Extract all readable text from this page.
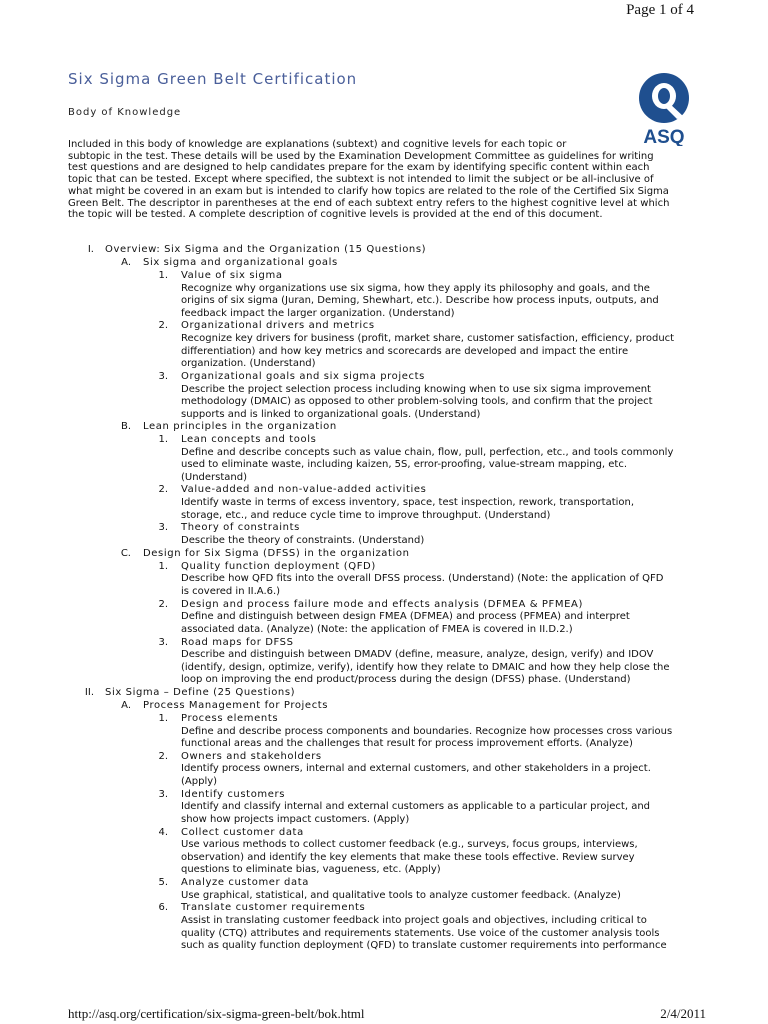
Page 1 of 4
Six Sigma Green Belt Certification
Body of Knowledge
ASQ
Included in this body of knowledge are explanations (subtext) and cognitive levels for each topic or
subtopic in the test. These details will be used by the Examination Development Committee as guidelines for writing
test questions and are designed to help candidates prepare for the exam by identifying specific content within each
topic that can be tested. Except where specified, the subtext is not intended to limit the subject or be all-inclusive of
what might be covered in an exam but is intended to clarify how topics are related to the role of the Certified Six Sigma
Green Belt. The descriptor in parentheses at the end of each subtext entry refers to the highest cognitive level at which
the topic will be tested. A complete description of cognitive levels is provided at the end of this document.
I. Overview: Six Sigma and the Organization (15 Questions)
A. Six sigma and organizational goals
1. Value of six sigma
Recognize why organizations use six sigma, how they apply its philosophy and goals, and the
origins of six sigma (Juran, Deming, Shewhart, etc.). Describe how process inputs, outputs, and
feedback impact the larger organization. (Understand)
2. Organizational drivers and metrics
Recognize key drivers for business (profit, market share, customer satisfaction, efficiency, product
differentiation) and how key metrics and scorecards are developed and impact the entire
organization. (Understand)
3. Organizational goals and six sigma projects
Describe the project selection process including knowing when to use six sigma improvement
methodology (DMAIC) as opposed to other problem-solving tools, and confirm that the project
supports and is linked to organizational goals. (Understand)
B. Lean principles in the organization
1. Lean concepts and tools
Define and describe concepts such as value chain, flow, pull, perfection, etc., and tools commonly
used to eliminate waste, including kaizen, 5S, error-proofing, value-stream mapping, etc.
(Understand)
2. Value-added and non-value-added activities
Identify waste in terms of excess inventory, space, test inspection, rework, transportation,
storage, etc., and reduce cycle time to improve throughput. (Understand)
3. Theory of constraints
Describe the theory of constraints. (Understand)
C. Design for Six Sigma (DFSS) in the organization
1. Quality function deployment (QFD)
Describe how QFD fits into the overall DFSS process. (Understand) (Note: the application of QFD
is covered in II.A.6.)
2. Design and process failure mode and effects analysis (DFMEA & PFMEA)
Define and distinguish between design FMEA (DFMEA) and process (PFMEA) and interpret
associated data. (Analyze) (Note: the application of FMEA is covered in II.D.2.)
3. Road maps for DFSS
Describe and distinguish between DMADV (define, measure, analyze, design, verify) and IDOV
(identify, design, optimize, verify), identify how they relate to DMAIC and how they help close the
loop on improving the end product/process during the design (DFSS) phase. (Understand)
II. Six Sigma – Define (25 Questions)
A. Process Management for Projects
1. Process elements
Define and describe process components and boundaries. Recognize how processes cross various
functional areas and the challenges that result for process improvement efforts. (Analyze)
2. Owners and stakeholders
Identify process owners, internal and external customers, and other stakeholders in a project.
(Apply)
3. Identify customers
Identify and classify internal and external customers as applicable to a particular project, and
show how projects impact customers. (Apply)
4. Collect customer data
Use various methods to collect customer feedback (e.g., surveys, focus groups, interviews,
observation) and identify the key elements that make these tools effective. Review survey
questions to eliminate bias, vagueness, etc. (Apply)
5. Analyze customer data
Use graphical, statistical, and qualitative tools to analyze customer feedback. (Analyze)
6. Translate customer requirements
Assist in translating customer feedback into project goals and objectives, including critical to
quality (CTQ) attributes and requirements statements. Use voice of the customer analysis tools
such as quality function deployment (QFD) to translate customer requirements into performance
http://asq.org/certification/six-sigma-green-belt/bok.html	2/4/2011
